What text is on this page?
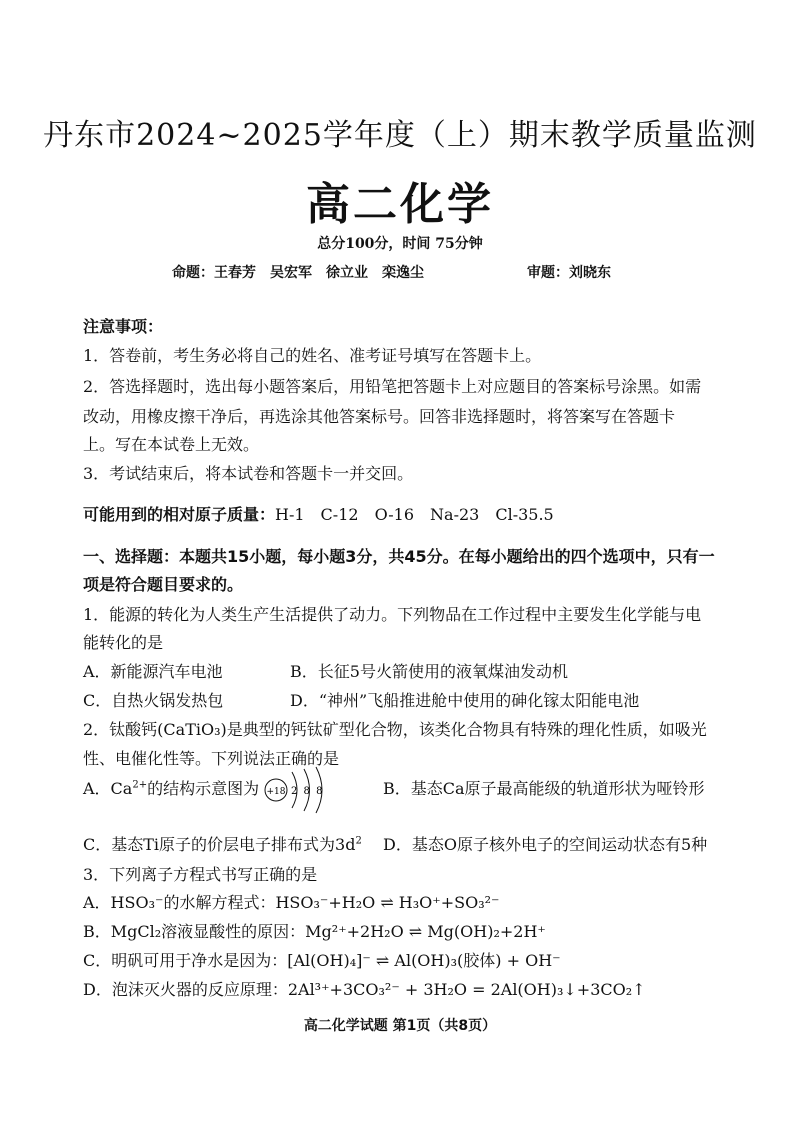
丹东市2024~2025学年度（上）期末教学质量监测
高二化学
总分100分，时间 75分钟
命题：王春芳　吴宏军　徐立业　栾逸尘	审题：刘晓东
注意事项：
1．答卷前，考生务必将自己的姓名、准考证号填写在答题卡上。
2．答选择题时，选出每小题答案后，用铅笔把答题卡上对应题目的答案标号涂黑。如需
改动，用橡皮擦干净后，再选涂其他答案标号。回答非选择题时，将答案写在答题卡
上。写在本试卷上无效。
3．考试结束后，将本试卷和答题卡一并交回。
可能用到的相对原子质量：H-1　C-12　O-16　Na-23　Cl-35.5
一、选择题：本题共15小题，每小题3分，共45分。在每小题给出的四个选项中，只有一
项是符合题目要求的。
1．能源的转化为人类生产生活提供了动力。下列物品在工作过程中主要发生化学能与电
能转化的是
A．新能源汽车电池	B．长征5号火箭使用的液氧煤油发动机
C．自热火锅发热包	D．“神州”飞船推进舱中使用的砷化镓太阳能电池
2．钛酸钙(CaTiO₃)是典型的钙钛矿型化合物，该类化合物具有特殊的理化性质，如吸光
性、电催化性等。下列说法正确的是
A．$Ca^{2+}$的结构示意图为 +18 2 8 8	B．基态Ca原子最高能级的轨道形状为哑铃形
C．基态Ti原子的价层电子排布式为$3d^2$ D．基态O原子核外电子的空间运动状态有5种
3．下列离子方程式书写正确的是
A．HSO₃⁻的水解方程式：HSO₃⁻+H₂O ⇌ H₃O⁺+SO₃²⁻
B．MgCl₂溶液显酸性的原因：Mg²⁺+2H₂O ⇌ Mg(OH)₂+2H⁺
C．明矾可用于净水是因为：[Al(OH)₄]⁻ ⇌ Al(OH)₃(胶体) + OH⁻
D．泡沫灭火器的反应原理：2Al³⁺+3CO₃²⁻ + 3H₂O = 2Al(OH)₃↓+3CO₂↑
高二化学试题 第1页（共8页）
